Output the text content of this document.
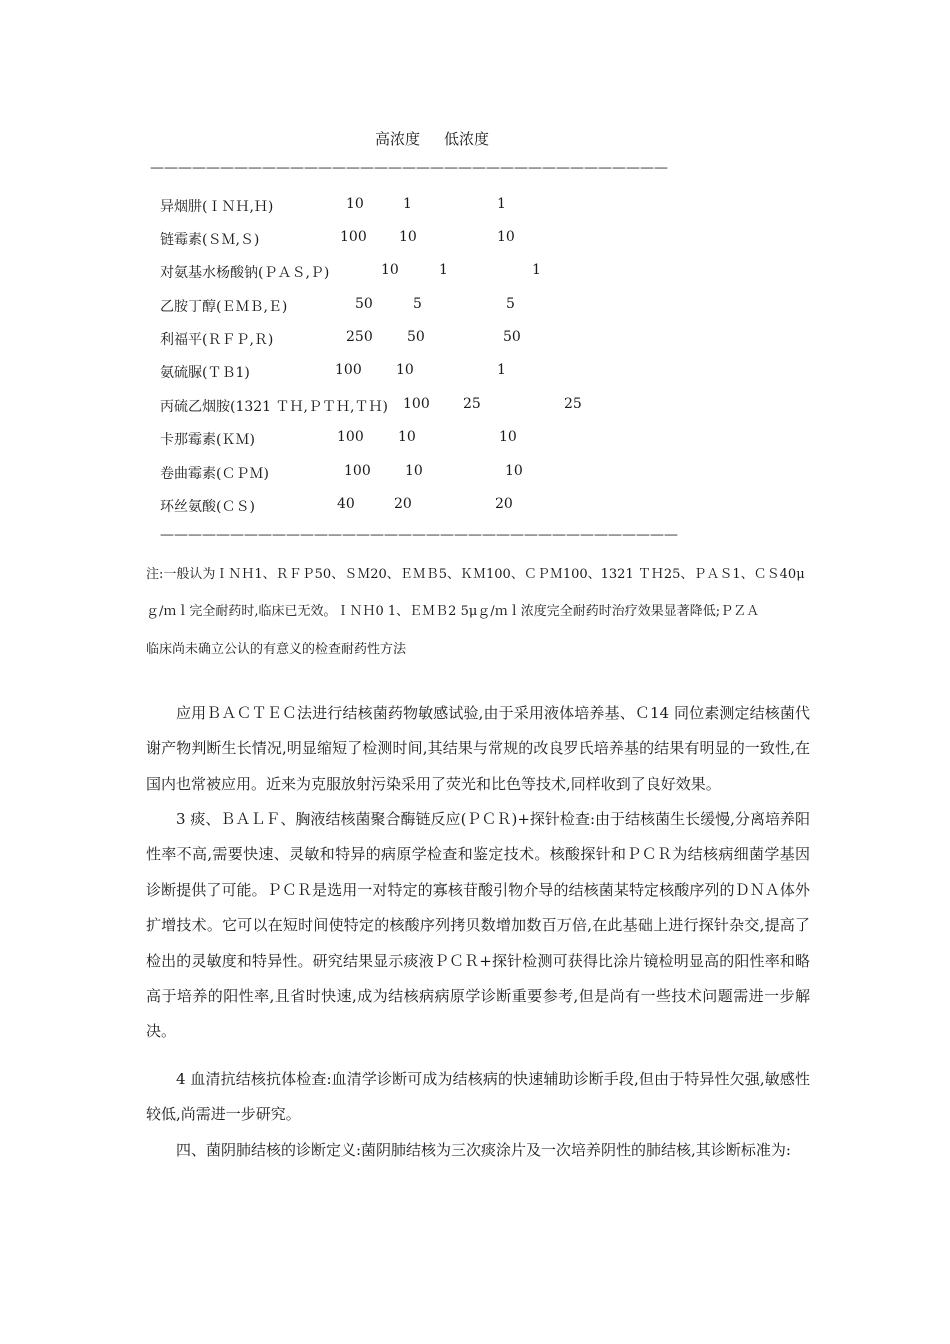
高浓度 低浓度
—————————————————————————————————————
异烟肼(ＩＮＨ,Ｈ)	10	1	1
链霉素(ＳＭ,Ｓ)	100 10	10
对氨基水杨酸钠(ＰＡＳ,Ｐ)	10	1	1
乙胺丁醇(ＥＭＢ,Ｅ)	50	5	5
利福平(ＲＦＰ,Ｒ)	250 50	50
氨硫脲(ＴＢ1)	100 10	1
丙硫乙烟胺(1321 ＴＨ,ＰＴＨ,ＴＨ) 100 25	25
卡那霉素(ＫＭ)	100 10	10
卷曲霉素(ＣＰＭ)	100 10	10
环丝氨酸(ＣＳ)	40	20	20
—————————————————————————————————————
注:一般认为ＩＮＨ1、ＲＦＰ50、ＳＭ20、ＥＭＢ5、ＫＭ100、ＣＰＭ100、1321 ＴＨ25、ＰＡＳ1、ＣＳ40μ
ｇ/ｍｌ完全耐药时,临床已无效。ＩＮＨ0 1、ＥＭＢ2 5μｇ/ｍｌ浓度完全耐药时治疗效果显著降低;ＰＺＡ
临床尚未确立公认的有意义的检查耐药性方法
应用ＢＡＣＴＥＣ法进行结核菌药物敏感试验,由于采用液体培养基、Ｃ14 同位素测定结核菌代谢产物判断生长情况,明显缩短了检测时间,其结果与常规的改良罗氏培养基的结果有明显的一致性,在国内也常被应用。近来为克服放射污染采用了荧光和比色等技术,同样收到了良好效果。
3 痰、ＢＡＬＦ、胸液结核菌聚合酶链反应(ＰＣＲ)+探针检查:由于结核菌生长缓慢,分离培养阳性率不高,需要快速、灵敏和特异的病原学检查和鉴定技术。核酸探针和ＰＣＲ为结核病细菌学基因诊断提供了可能。ＰＣＲ是选用一对特定的寡核苷酸引物介导的结核菌某特定核酸序列的ＤＮＡ体外扩增技术。它可以在短时间使特定的核酸序列拷贝数增加数百万倍,在此基础上进行探针杂交,提高了检出的灵敏度和特异性。研究结果显示痰液ＰＣＲ+探针检测可获得比涂片镜检明显高的阳性率和略高于培养的阳性率,且省时快速,成为结核病病原学诊断重要参考,但是尚有一些技术问题需进一步解决。
4 血清抗结核抗体检查:血清学诊断可成为结核病的快速辅助诊断手段,但由于特异性欠强,敏感性较低,尚需进一步研究。
四、菌阴肺结核的诊断定义:菌阴肺结核为三次痰涂片及一次培养阴性的肺结核,其诊断标准为:
